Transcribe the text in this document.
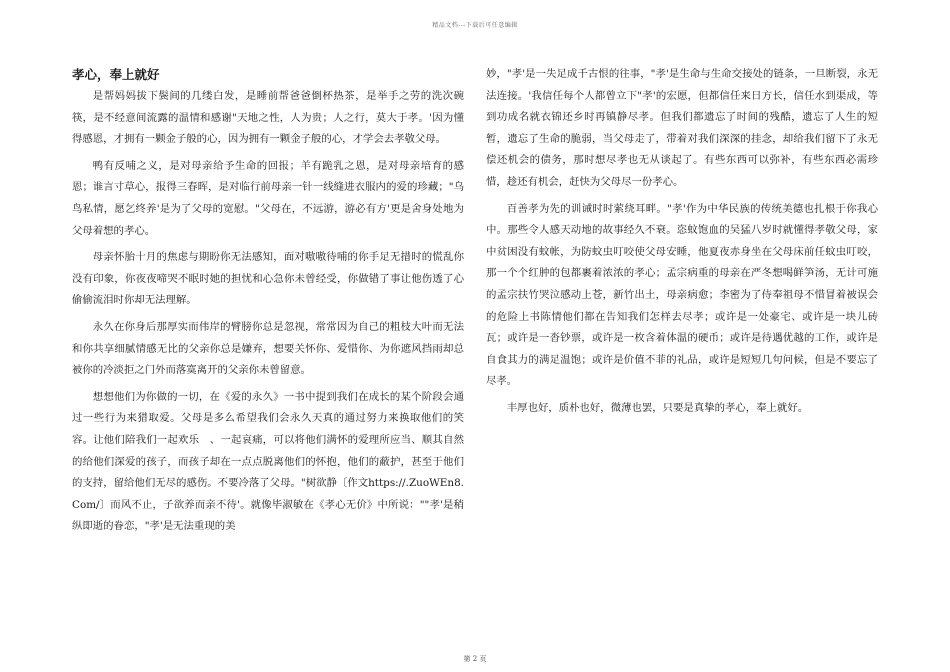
精品文档---下载后可任意编辑
孝心，奉上就好

是帮妈妈拔下鬓间的几缕白发，是睡前帮爸爸倒杯热茶，是举手之劳的洗次碗筷，是不经意间流露的温情和感谢"天地之性，人为贵；人之行，莫大于孝。'因为懂得感恩，才拥有一颗金子般的心，因为拥有一颗金子般的心，才学会去孝敬父母。

鸭有反哺之义，是对母亲给予生命的回报；羊有跪乳之恩，是对母亲培育的感恩；谁言寸草心，报得三春晖，是对临行前母亲一针一线缝进衣服内的爱的珍藏；"乌鸟私情，愿乞终养'是为了父母的宽慰。"父母在，不远游，游必有方'更是舍身处地为父母着想的孝心。

母亲怀胎十月的焦虑与期盼你无法感知，面对嗷嗷待哺的你手足无措时的慌乱你没有印象，你夜夜啼哭不眠时她的担忧和心急你未曾经受，你做错了事让他伤透了心偷偷流泪时你却无法理解。

永久在你身后那厚实而伟岸的臂膀你总是忽视，常常因为自己的粗枝大叶而无法和你共享细腻情感无比的父亲你总是嫌弃，想要关怀你、爱惜你、为你遮风挡雨却总被你的冷淡拒之门外而落寞离开的父亲你未曾留意。

想想他们为你做的一切，在《爱的永久》一书中提到我们在成长的某个阶段会通过一些行为来猎取爱。父母是多么希望我们会永久天真的通过努力来换取他们的笑容。让他们陪我们一起欢乐　、一起哀痛，可以将他们满怀的爱理所应当、顺其自然的给他们深爱的孩子，而孩子却在一点点脱离他们的怀抱，他们的蔽护，甚至于他们的支持，留给他们无尽的感伤。不要冷落了父母。"树欲静〔作文https://.ZuoWEn8.Com/〕而风不止，子欲养而亲不待'。就像毕淑敏在《孝心无价》中所说：""孝'是稍纵即逝的眷恋，"孝'是无法重现的美

妙，"孝'是一失足成千古恨的往事，"孝'是生命与生命交接处的链条，一旦断裂，永无法连接。'我信任每个人都曾立下"孝'的宏愿，但都信任来日方长，信任水到渠成，等到功成名就衣锦还乡时再镇静尽孝。但我们都遗忘了时间的残酷，遗忘了人生的短暂，遗忘了生命的脆弱，当父母走了，带着对我们深深的挂念，却给我们留下了永无偿还机会的债务，那时想尽孝也无从谈起了。有些东西可以弥补，有些东西必需珍惜，趁还有机会，赶快为父母尽一份孝心。

百善孝为先的训诫时时萦绕耳畔。"孝'作为中华民族的传统美德也扎根于你我心中。那些令人感天动地的故事经久不衰。恣蚊饱血的吴猛八岁时就懂得孝敬父母，家中贫困没有蚊帐，为防蚊虫叮咬使父母安睡，他夏夜赤身坐在父母床前任蚊虫叮咬，那一个个红肿的包都裹着浓浓的孝心；孟宗病重的母亲在严冬想喝鲜笋汤，无计可施的孟宗扶竹哭泣感动上苍，新竹出土，母亲病愈；李密为了侍奉祖母不惜冒着被误会的危险上书陈情他们都在告知我们怎样去尽孝；或许是一处豪宅、或许是一块儿砖瓦；或许是一沓钞票，或许是一枚含着体温的硬币；或许是待遇优越的工作，或许是自食其力的满足温饱；或许是价值不菲的礼品，或许是短短几句问候，但是不要忘了尽孝。

丰厚也好，质朴也好，微薄也罢，只要是真挚的孝心，奉上就好。

第 2 页
